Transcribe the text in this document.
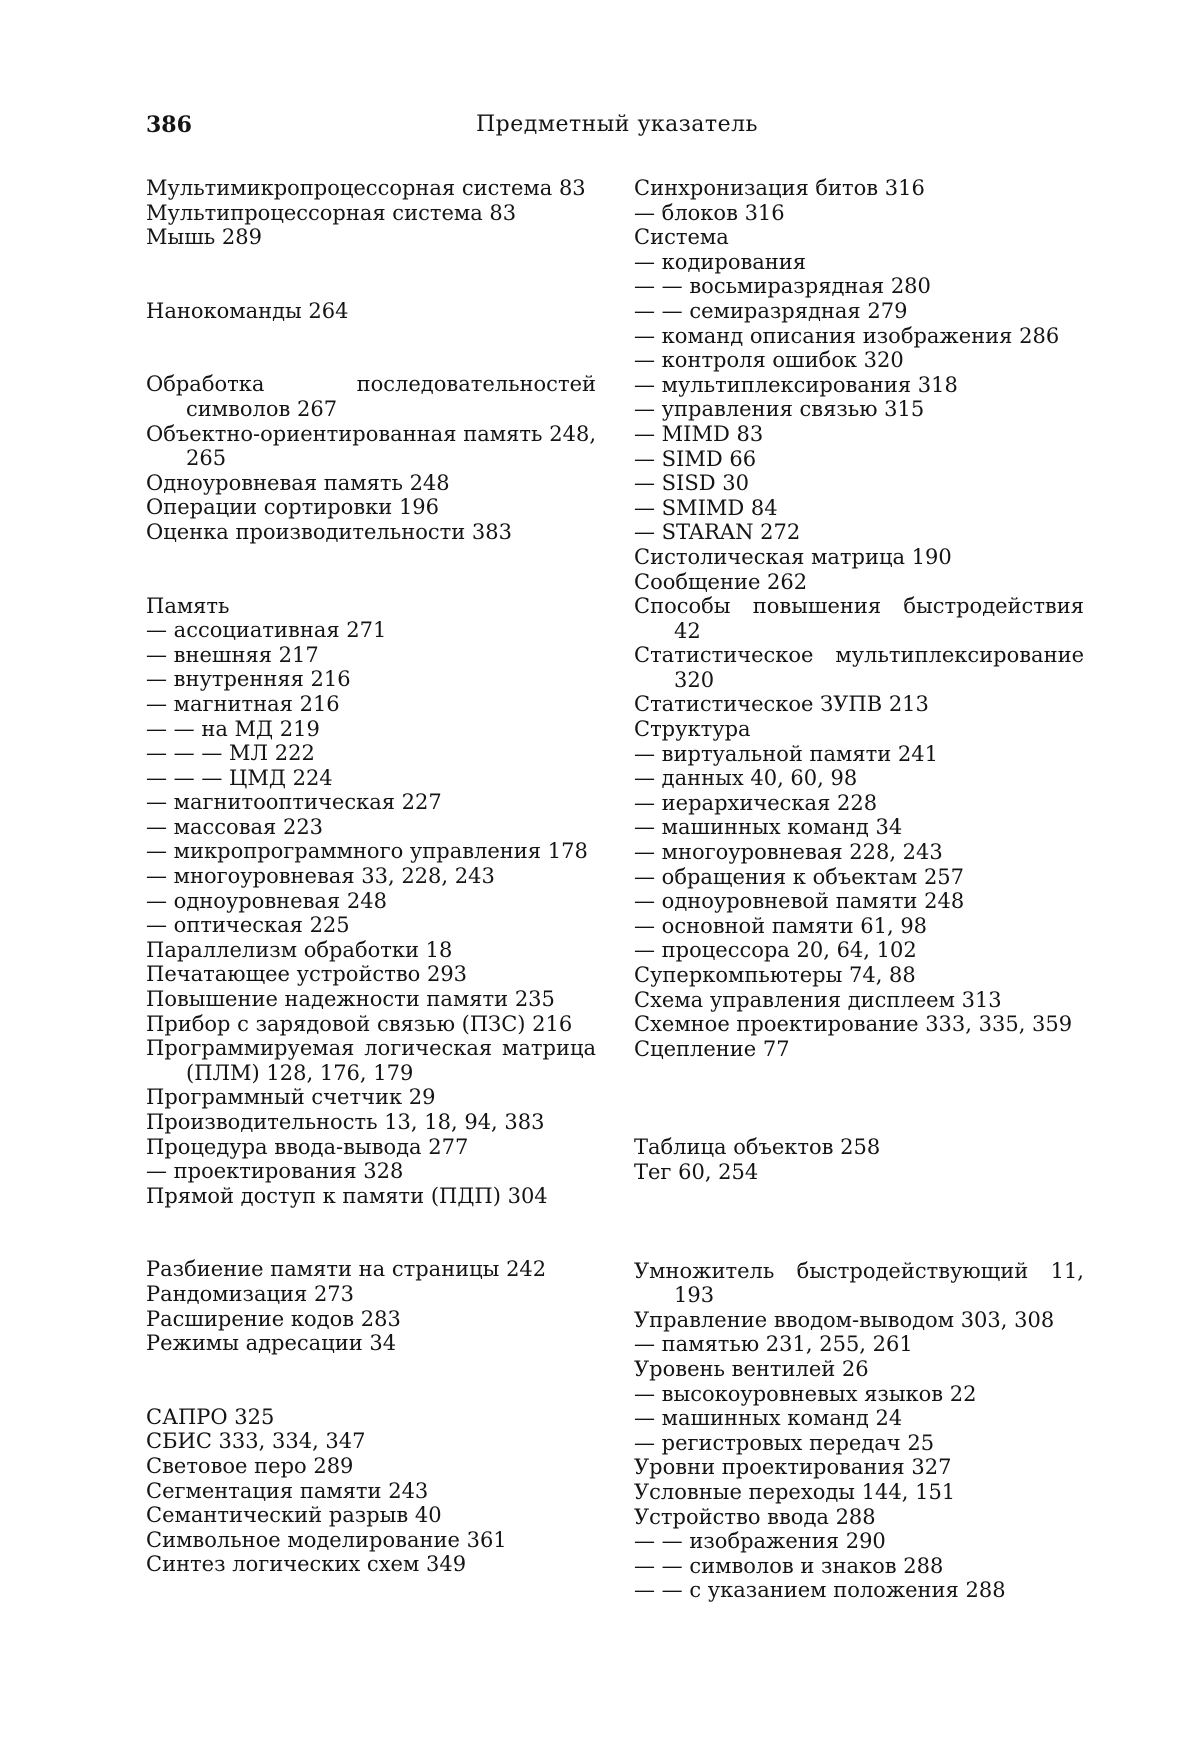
386	Предметный указатель
Мультимикропроцессорная система 83
Мультипроцессорная система 83
Мышь 289
Нанокоманды 264
Обработка последовательностей символов 267
Объектно-ориентированная память 248, 265
Одноуровневая память 248
Операции сортировки 196
Оценка производительности 383
Память
— ассоциативная 271
— внешняя 217
— внутренняя 216
— магнитная 216
— — на МД 219
— — — МЛ 222
— — — ЦМД 224
— магнитооптическая 227
— массовая 223
— микропрограммного управления 178
— многоуровневая 33, 228, 243
— одноуровневая 248
— оптическая 225
Параллелизм обработки 18
Печатающее устройство 293
Повышение надежности памяти 235
Прибор с зарядовой связью (ПЗС) 216
Программируемая логическая матрица (ПЛМ) 128, 176, 179
Программный счетчик 29
Производительность 13, 18, 94, 383
Процедура ввода-вывода 277
— проектирования 328
Прямой доступ к памяти (ПДП) 304
Разбиение памяти на страницы 242
Рандомизация 273
Расширение кодов 283
Режимы адресации 34
САПРО 325
СБИС 333, 334, 347
Световое перо 289
Сегментация памяти 243
Семантический разрыв 40
Символьное моделирование 361
Синтез логических схем 349
Синхронизация битов 316
— блоков 316
Система
— кодирования
— — восьмиразрядная 280
— — семиразрядная 279
— команд описания изображения 286
— контроля ошибок 320
— мультиплексирования 318
— управления связью 315
— MIMD 83
— SIMD 66
— SISD 30
— SMIMD 84
— STARAN 272
Систолическая матрица 190
Сообщение 262
Способы повышения быстродействия 42
Статистическое мультиплексирование 320
Статистическое ЗУПВ 213
Структура
— виртуальной памяти 241
— данных 40, 60, 98
— иерархическая 228
— машинных команд 34
— многоуровневая 228, 243
— обращения к объектам 257
— одноуровневой памяти 248
— основной памяти 61, 98
— процессора 20, 64, 102
Суперкомпьютеры 74, 88
Схема управления дисплеем 313
Схемное проектирование 333, 335, 359
Сцепление 77
Таблица объектов 258
Тег 60, 254
Умножитель быстродействующий 11, 193
Управление вводом-выводом 303, 308
— памятью 231, 255, 261
Уровень вентилей 26
— высокоуровневых языков 22
— машинных команд 24
— регистровых передач 25
Уровни проектирования 327
Условные переходы 144, 151
Устройство ввода 288
— — изображения 290
— — символов и знаков 288
— — с указанием положения 288
